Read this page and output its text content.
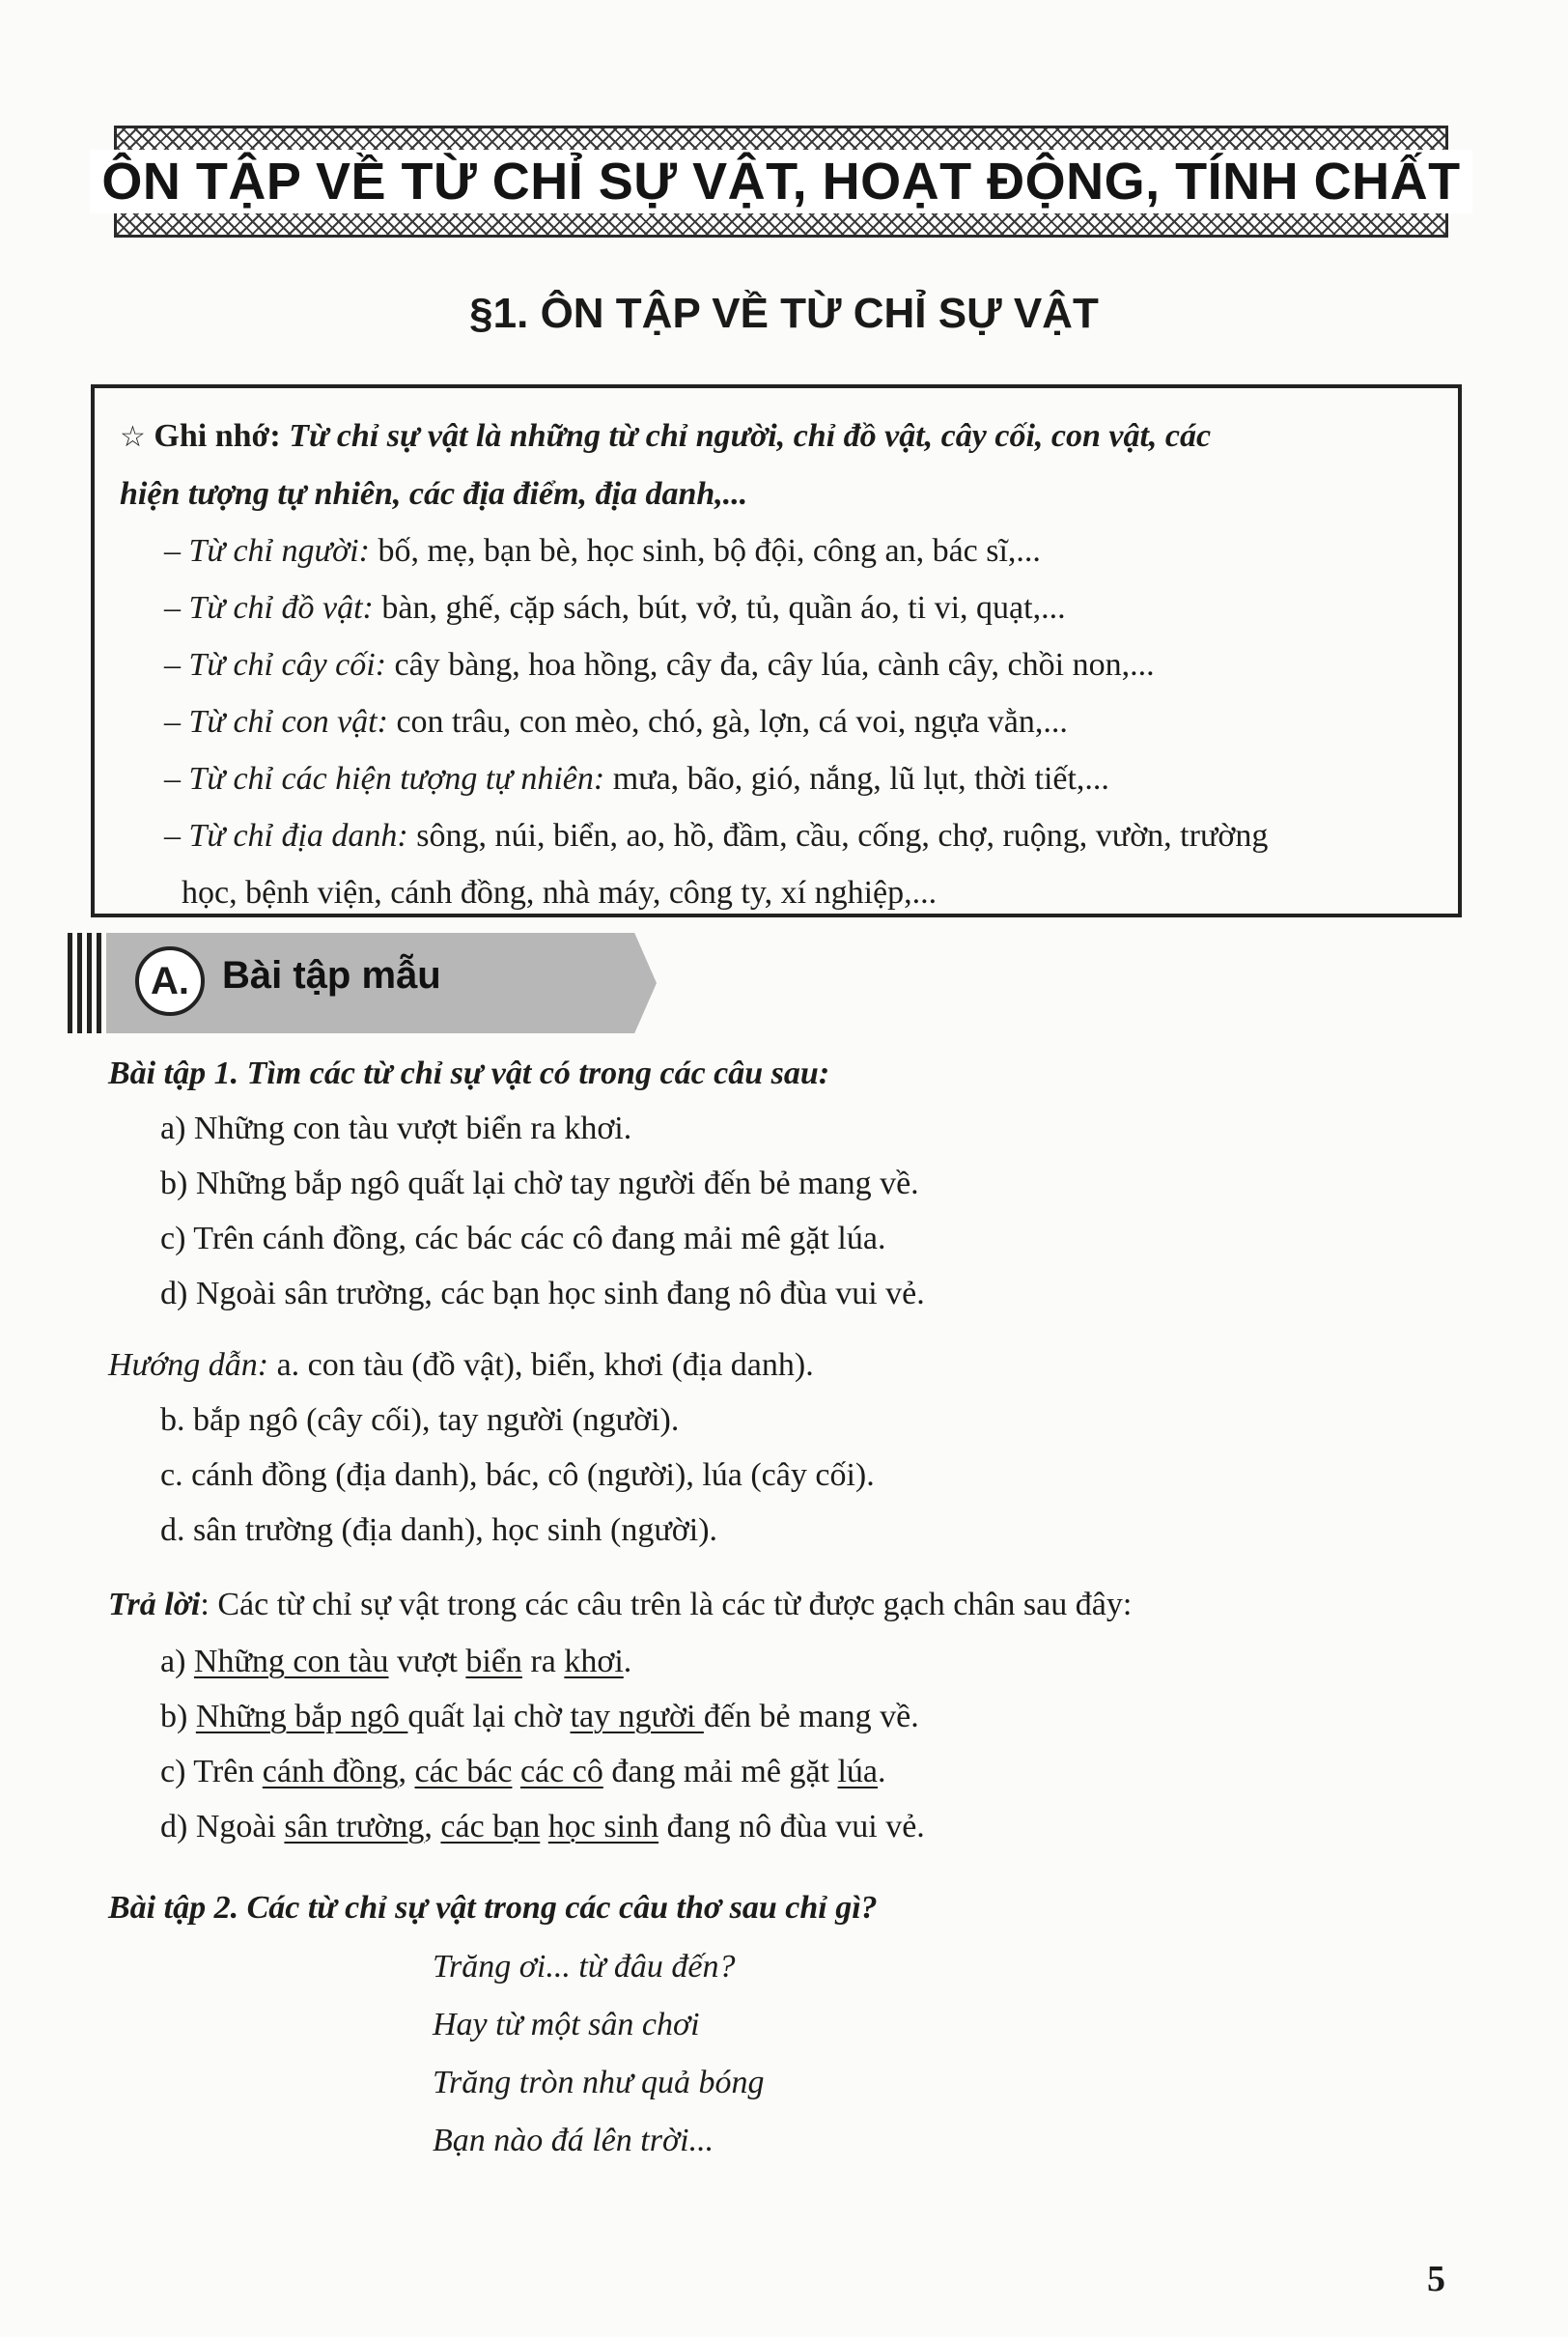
ÔN TẬP VỀ TỪ CHỈ SỰ VẬT, HOẠT ĐỘNG, TÍNH CHẤT
§1. ÔN TẬP VỀ TỪ CHỈ SỰ VẬT

☆ Ghi nhớ: Từ chỉ sự vật là những từ chỉ người, chỉ đồ vật, cây cối, con vật, các

hiện tượng tự nhiên, các địa điểm, địa danh,...

– Từ chỉ người: bố, mẹ, bạn bè, học sinh, bộ đội, công an, bác sĩ,...

– Từ chỉ đồ vật: bàn, ghế, cặp sách, bút, vở, tủ, quần áo, ti vi, quạt,...

– Từ chỉ cây cối: cây bàng, hoa hồng, cây đa, cây lúa, cành cây, chồi non,...

– Từ chỉ con vật: con trâu, con mèo, chó, gà, lợn, cá voi, ngựa vằn,...

– Từ chỉ các hiện tượng tự nhiên: mưa, bão, gió, nắng, lũ lụt, thời tiết,...

– Từ chỉ địa danh: sông, núi, biển, ao, hồ, đầm, cầu, cống, chợ, ruộng, vườn, trường

học, bệnh viện, cánh đồng, nhà máy, công ty, xí nghiệp,...

A. Bài tập mẫu

Bài tập 1. Tìm các từ chỉ sự vật có trong các câu sau:

a) Những con tàu vượt biển ra khơi.

b) Những bắp ngô quất lại chờ tay người đến bẻ mang về.

c) Trên cánh đồng, các bác các cô đang mải mê gặt lúa.

d) Ngoài sân trường, các bạn học sinh đang nô đùa vui vẻ.

Hướng dẫn: a. con tàu (đồ vật), biển, khơi (địa danh).

b. bắp ngô (cây cối), tay người (người).

c. cánh đồng (địa danh), bác, cô (người), lúa (cây cối).

d. sân trường (địa danh), học sinh (người).

Trả lời: Các từ chỉ sự vật trong các câu trên là các từ được gạch chân sau đây:

a) Những con tàu vượt biển ra khơi.

b) Những bắp ngô quất lại chờ tay người đến bẻ mang về.

c) Trên cánh đồng, các bác các cô đang mải mê gặt lúa.

d) Ngoài sân trường, các bạn học sinh đang nô đùa vui vẻ.

Bài tập 2. Các từ chỉ sự vật trong các câu thơ sau chỉ gì?

Trăng ơi... từ đâu đến?

Hay từ một sân chơi

Trăng tròn như quả bóng

Bạn nào đá lên trời...

5
